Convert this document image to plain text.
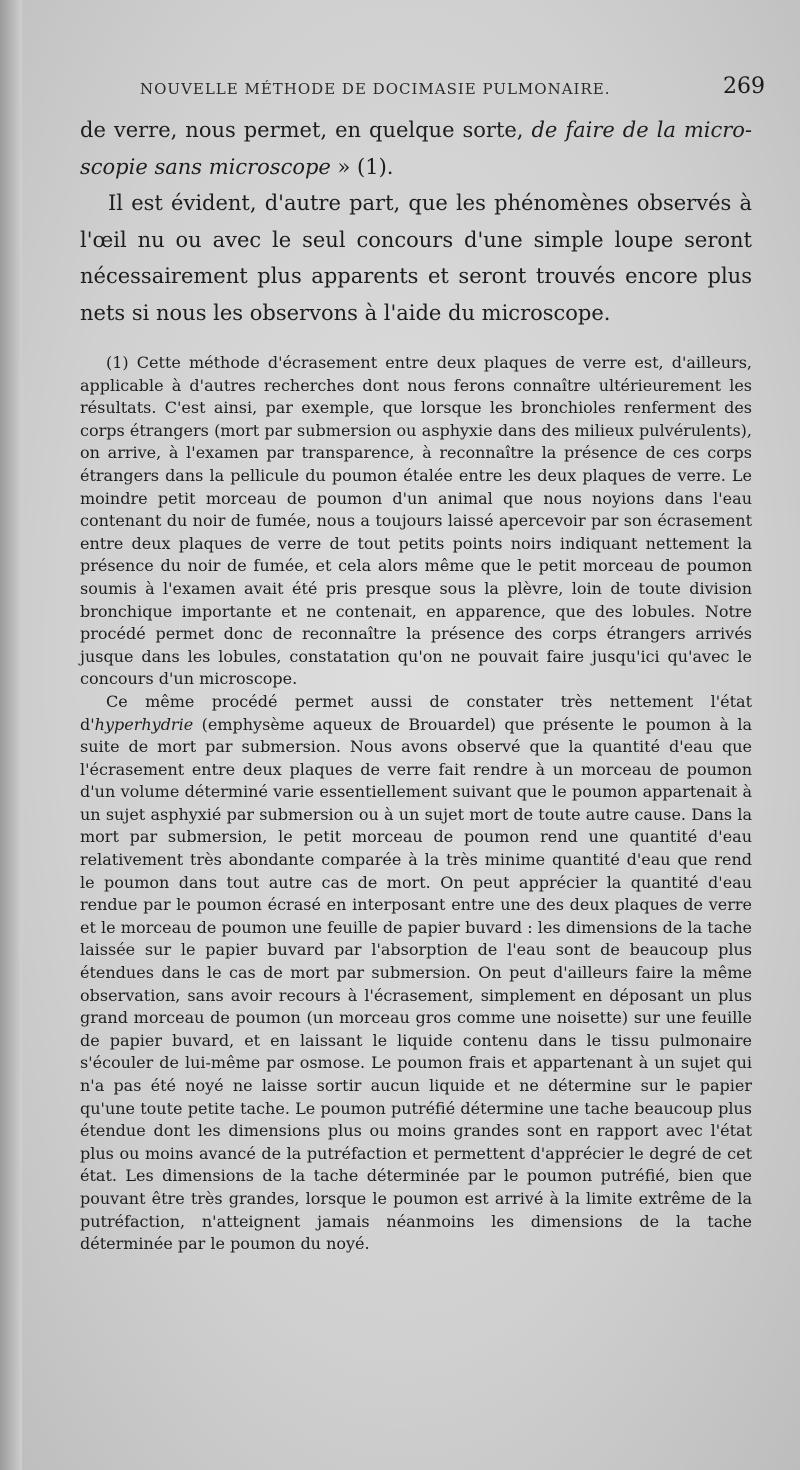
NOUVELLE MÉTHODE DE DOCIMASIE PULMONAIRE.	269

de verre, nous permet, en quelque sorte, de faire de la micro-scopie sans microscope » (1).

Il est évident, d'autre part, que les phénomènes observés à l'œil nu ou avec le seul concours d'une simple loupe seront nécessairement plus apparents et seront trouvés encore plus nets si nous les observons à l'aide du microscope.

(1) Cette méthode d'écrasement entre deux plaques de verre est, d'ailleurs, applicable à d'autres recherches dont nous ferons connaître ultérieurement les résultats. C'est ainsi, par exemple, que lorsque les bronchioles renferment des corps étrangers (mort par submersion ou asphyxie dans des milieux pulvérulents), on arrive, à l'examen par transparence, à reconnaître la présence de ces corps étrangers dans la pellicule du poumon étalée entre les deux plaques de verre. Le moindre petit morceau de poumon d'un animal que nous noyions dans l'eau contenant du noir de fumée, nous a toujours laissé apercevoir par son écrasement entre deux plaques de verre de tout petits points noirs indiquant nettement la présence du noir de fumée, et cela alors même que le petit morceau de poumon soumis à l'examen avait été pris presque sous la plèvre, loin de toute division bronchique importante et ne contenait, en apparence, que des lobules. Notre procédé permet donc de reconnaître la présence des corps étrangers arrivés jusque dans les lobules, constatation qu'on ne pouvait faire jusqu'ici qu'avec le concours d'un microscope.

Ce même procédé permet aussi de constater très nettement l'état d'hyperhydrie (emphysème aqueux de Brouardel) que présente le poumon à la suite de mort par submersion. Nous avons observé que la quantité d'eau que l'écrasement entre deux plaques de verre fait rendre à un morceau de poumon d'un volume déterminé varie essentiellement suivant que le poumon appartenait à un sujet asphyxié par submersion ou à un sujet mort de toute autre cause. Dans la mort par submersion, le petit morceau de poumon rend une quantité d'eau relativement très abondante comparée à la très minime quantité d'eau que rend le poumon dans tout autre cas de mort. On peut apprécier la quantité d'eau rendue par le poumon écrasé en interposant entre une des deux plaques de verre et le morceau de poumon une feuille de papier buvard : les dimensions de la tache laissée sur le papier buvard par l'absorption de l'eau sont de beaucoup plus étendues dans le cas de mort par submersion. On peut d'ailleurs faire la même observation, sans avoir recours à l'écrasement, simplement en déposant un plus grand morceau de poumon (un morceau gros comme une noisette) sur une feuille de papier buvard, et en laissant le liquide contenu dans le tissu pulmonaire s'écouler de lui-même par osmose. Le poumon frais et appartenant à un sujet qui n'a pas été noyé ne laisse sortir aucun liquide et ne détermine sur le papier qu'une toute petite tache. Le poumon putréfié détermine une tache beaucoup plus étendue dont les dimensions plus ou moins grandes sont en rapport avec l'état plus ou moins avancé de la putréfaction et permettent d'apprécier le degré de cet état. Les dimensions de la tache déterminée par le poumon putréfié, bien que pouvant être très grandes, lorsque le poumon est arrivé à la limite extrême de la putréfaction, n'atteignent jamais néanmoins les dimensions de la tache déterminée par le poumon du noyé.
